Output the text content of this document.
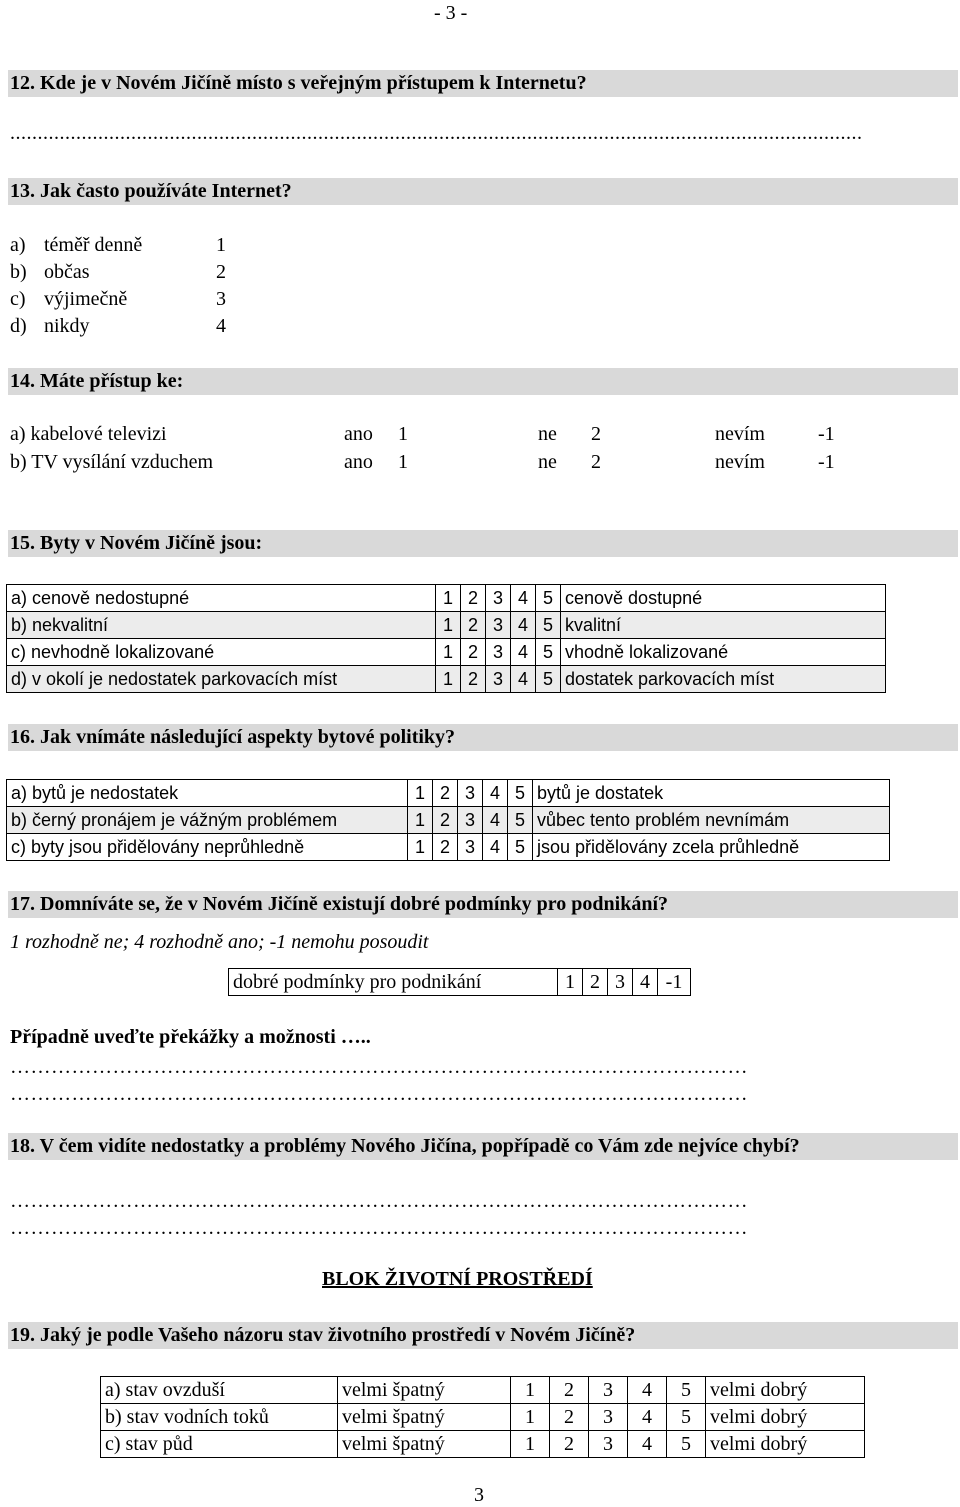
- 3 -
12. Kde je v Novém Jičíně místo s veřejným přístupem k Internetu?
...........................................................................................................................................................
13. Jak často používáte Internet?
a) téměř denně	1
b) občas	2
c) výjimečně	3
d) nikdy	4
14. Máte přístup ke:
a) kabelové televizi	ano 1	ne 2	nevím	-1
b) TV vysílání vzduchem	ano 1	ne 2	nevím	-1
15. Byty v Novém Jičíně jsou:
a) cenově nedostupné	1	2	3	4	5	cenově dostupné
b) nekvalitní	1	2	3	4	5	kvalitní
c) nevhodně lokalizované	1	2	3	4	5	vhodně lokalizované
d) v okolí je nedostatek parkovacích míst	1	2	3	4	5	dostatek parkovacích míst
16. Jak vnímáte následující aspekty bytové politiky?
a) bytů je nedostatek	1	2	3	4	5	bytů je dostatek
b) černý pronájem je vážným problémem	1	2	3	4	5	vůbec tento problém nevnímám
c) byty jsou přidělovány neprůhledně	1	2	3	4	5	jsou přidělovány zcela průhledně
17. Domníváte se, že v Novém Jičíně existují dobré podmínky pro podnikání?
1 rozhodně ne; 4 rozhodně ano; -1 nemohu posoudit
dobré podmínky pro podnikání	1	2	3	4	-1
Případně uveďte překážky a možnosti …..
………………………………………………………………………………………………
………………………………………………………………………………………………
18. V čem vidíte nedostatky a problémy Nového Jičína, popřípadě co Vám zde nejvíce chybí?
………………………………………………………………………………………………
………………………………………………………………………………………………
BLOK ŽIVOTNÍ PROSTŘEDÍ
19. Jaký je podle Vašeho názoru stav životního prostředí v Novém Jičíně?
a) stav ovzduší	velmi špatný	1	2	3	4	5	velmi dobrý
b) stav vodních toků	velmi špatný	1	2	3	4	5	velmi dobrý
c) stav půd	velmi špatný	1	2	3	4	5	velmi dobrý
3
